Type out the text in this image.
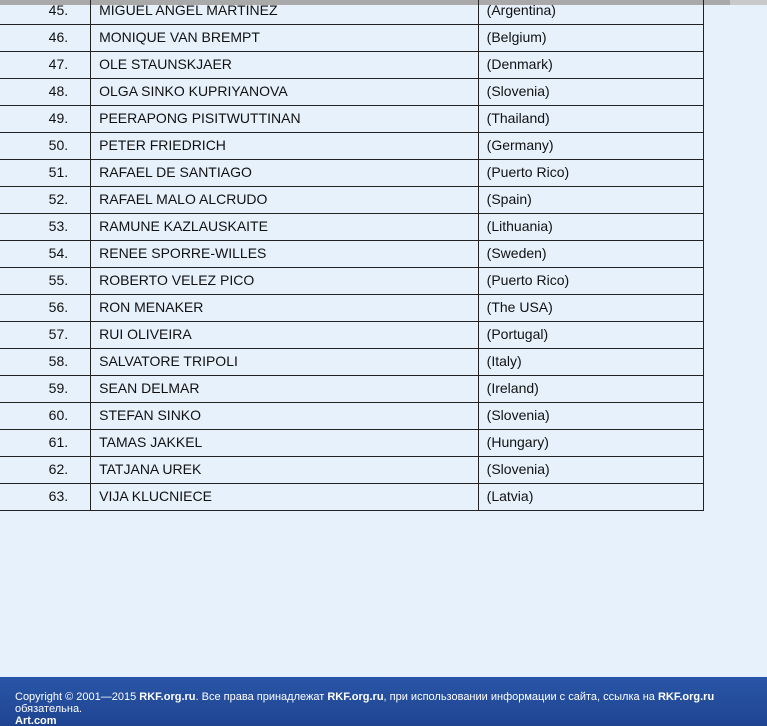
45.	MIGUEL ANGEL MARTINEZ	(Argentina)

46.	MONIQUE VAN BREMPT	(Belgium)

47.	OLE STAUNSKJAER	(Denmark)

48.	OLGA SINKO KUPRIYANOVA	(Slovenia)

49.	PEERAPONG PISITWUTTINAN	(Thailand)

50.	PETER FRIEDRICH	(Germany)

51.	RAFAEL DE SANTIAGO	(Puerto Rico)

52.	RAFAEL MALO ALCRUDO	(Spain)

53.	RAMUNE KAZLAUSKAITE	(Lithuania)

54.	RENEE SPORRE-WILLES	(Sweden)

55.	ROBERTO VELEZ PICO	(Puerto Rico)

56.	RON MENAKER	(The USA)

57.	RUI OLIVEIRA	(Portugal)

58.	SALVATORE TRIPOLI	(Italy)

59.	SEAN DELMAR	(Ireland)

60.	STEFAN SINKO	(Slovenia)

61.	TAMAS JAKKEL	(Hungary)

62.	TATJANA UREK	(Slovenia)

63.	VIJA KLUCNIECE	(Latvia)
Copyright © 2001—2015 RKF.org.ru. Все права принадлежат RKF.org.ru, при использовании информации с сайта, ссылка на RKF.org.ru обязательна.
Art.com
